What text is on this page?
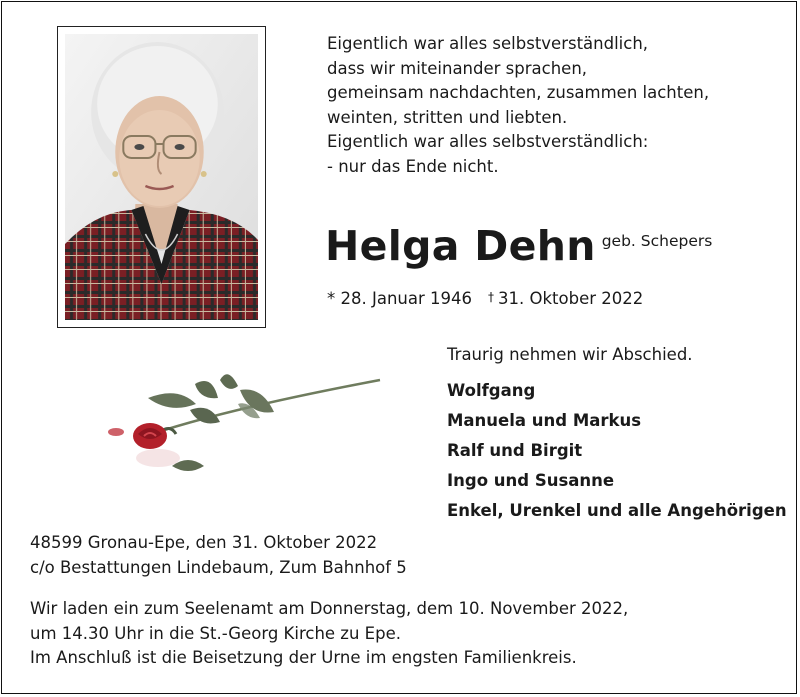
Eigentlich war alles selbstverständlich,
dass wir miteinander sprachen,
gemeinsam nachdachten, zusammen lachten,
weinten, stritten und liebten.
Eigentlich war alles selbstverständlich:
- nur das Ende nicht.
Helga Dehn geb. Schepers
* 28. Januar 1946 † 31. Oktober 2022
Traurig nehmen wir Abschied.
Wolfgang
Manuela und Markus
Ralf und Birgit
Ingo und Susanne
Enkel, Urenkel und alle Angehörigen
48599 Gronau-Epe, den 31. Oktober 2022
c/o Bestattungen Lindebaum, Zum Bahnhof 5
Wir laden ein zum Seelenamt am Donnerstag, dem 10. November 2022,
um 14.30 Uhr in die St.-Georg Kirche zu Epe.
Im Anschluß ist die Beisetzung der Urne im engsten Familienkreis.
